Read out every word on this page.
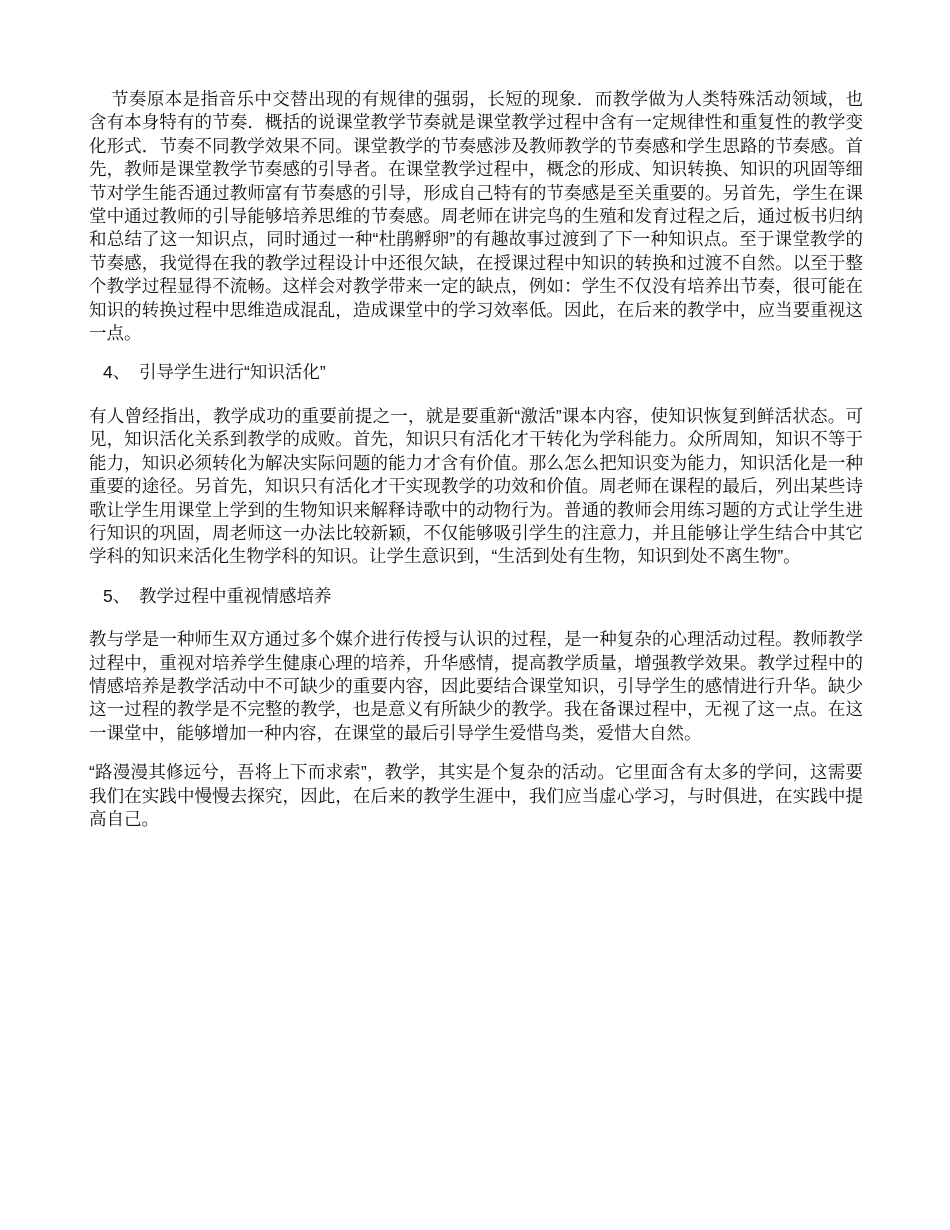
节奏原本是指音乐中交替出现的有规律的强弱，长短的现象．而教学做为人类特殊活动领域，也含有本身特有的节奏．概括的说课堂教学节奏就是课堂教学过程中含有一定规律性和重复性的教学变化形式．节奏不同教学效果不同。课堂教学的节奏感涉及教师教学的节奏感和学生思路的节奏感。首先，教师是课堂教学节奏感的引导者。在课堂教学过程中，概念的形成、知识转换、知识的巩固等细节对学生能否通过教师富有节奏感的引导，形成自己特有的节奏感是至关重要的。另首先，学生在课堂中通过教师的引导能够培养思维的节奏感。周老师在讲完鸟的生殖和发育过程之后，通过板书归纳和总结了这一知识点，同时通过一种“杜鹃孵卵”的有趣故事过渡到了下一种知识点。至于课堂教学的节奏感，我觉得在我的教学过程设计中还很欠缺，在授课过程中知识的转换和过渡不自然。以至于整个教学过程显得不流畅。这样会对教学带来一定的缺点，例如：学生不仅没有培养出节奏，很可能在知识的转换过程中思维造成混乱，造成课堂中的学习效率低。因此，在后来的教学中，应当要重视这一点。

4、 引导学生进行“知识活化”

有人曾经指出，教学成功的重要前提之一，就是要重新“激活”课本内容，使知识恢复到鲜活状态。可见，知识活化关系到教学的成败。首先，知识只有活化才干转化为学科能力。众所周知，知识不等于能力，知识必须转化为解决实际问题的能力才含有价值。那么怎么把知识变为能力，知识活化是一种重要的途径。另首先，知识只有活化才干实现教学的功效和价值。周老师在课程的最后，列出某些诗歌让学生用课堂上学到的生物知识来解释诗歌中的动物行为。普通的教师会用练习题的方式让学生进行知识的巩固，周老师这一办法比较新颖，不仅能够吸引学生的注意力，并且能够让学生结合中其它学科的知识来活化生物学科的知识。让学生意识到，“生活到处有生物，知识到处不离生物”。

5、 教学过程中重视情感培养

教与学是一种师生双方通过多个媒介进行传授与认识的过程，是一种复杂的心理活动过程。教师教学过程中，重视对培养学生健康心理的培养，升华感情，提高教学质量，增强教学效果。教学过程中的情感培养是教学活动中不可缺少的重要内容，因此要结合课堂知识，引导学生的感情进行升华。缺少这一过程的教学是不完整的教学，也是意义有所缺少的教学。我在备课过程中，无视了这一点。在这一课堂中，能够增加一种内容，在课堂的最后引导学生爱惜鸟类，爱惜大自然。

“路漫漫其修远兮，吾将上下而求索”，教学，其实是个复杂的活动。它里面含有太多的学问，这需要我们在实践中慢慢去探究，因此，在后来的教学生涯中，我们应当虚心学习，与时俱进，在实践中提高自己。
